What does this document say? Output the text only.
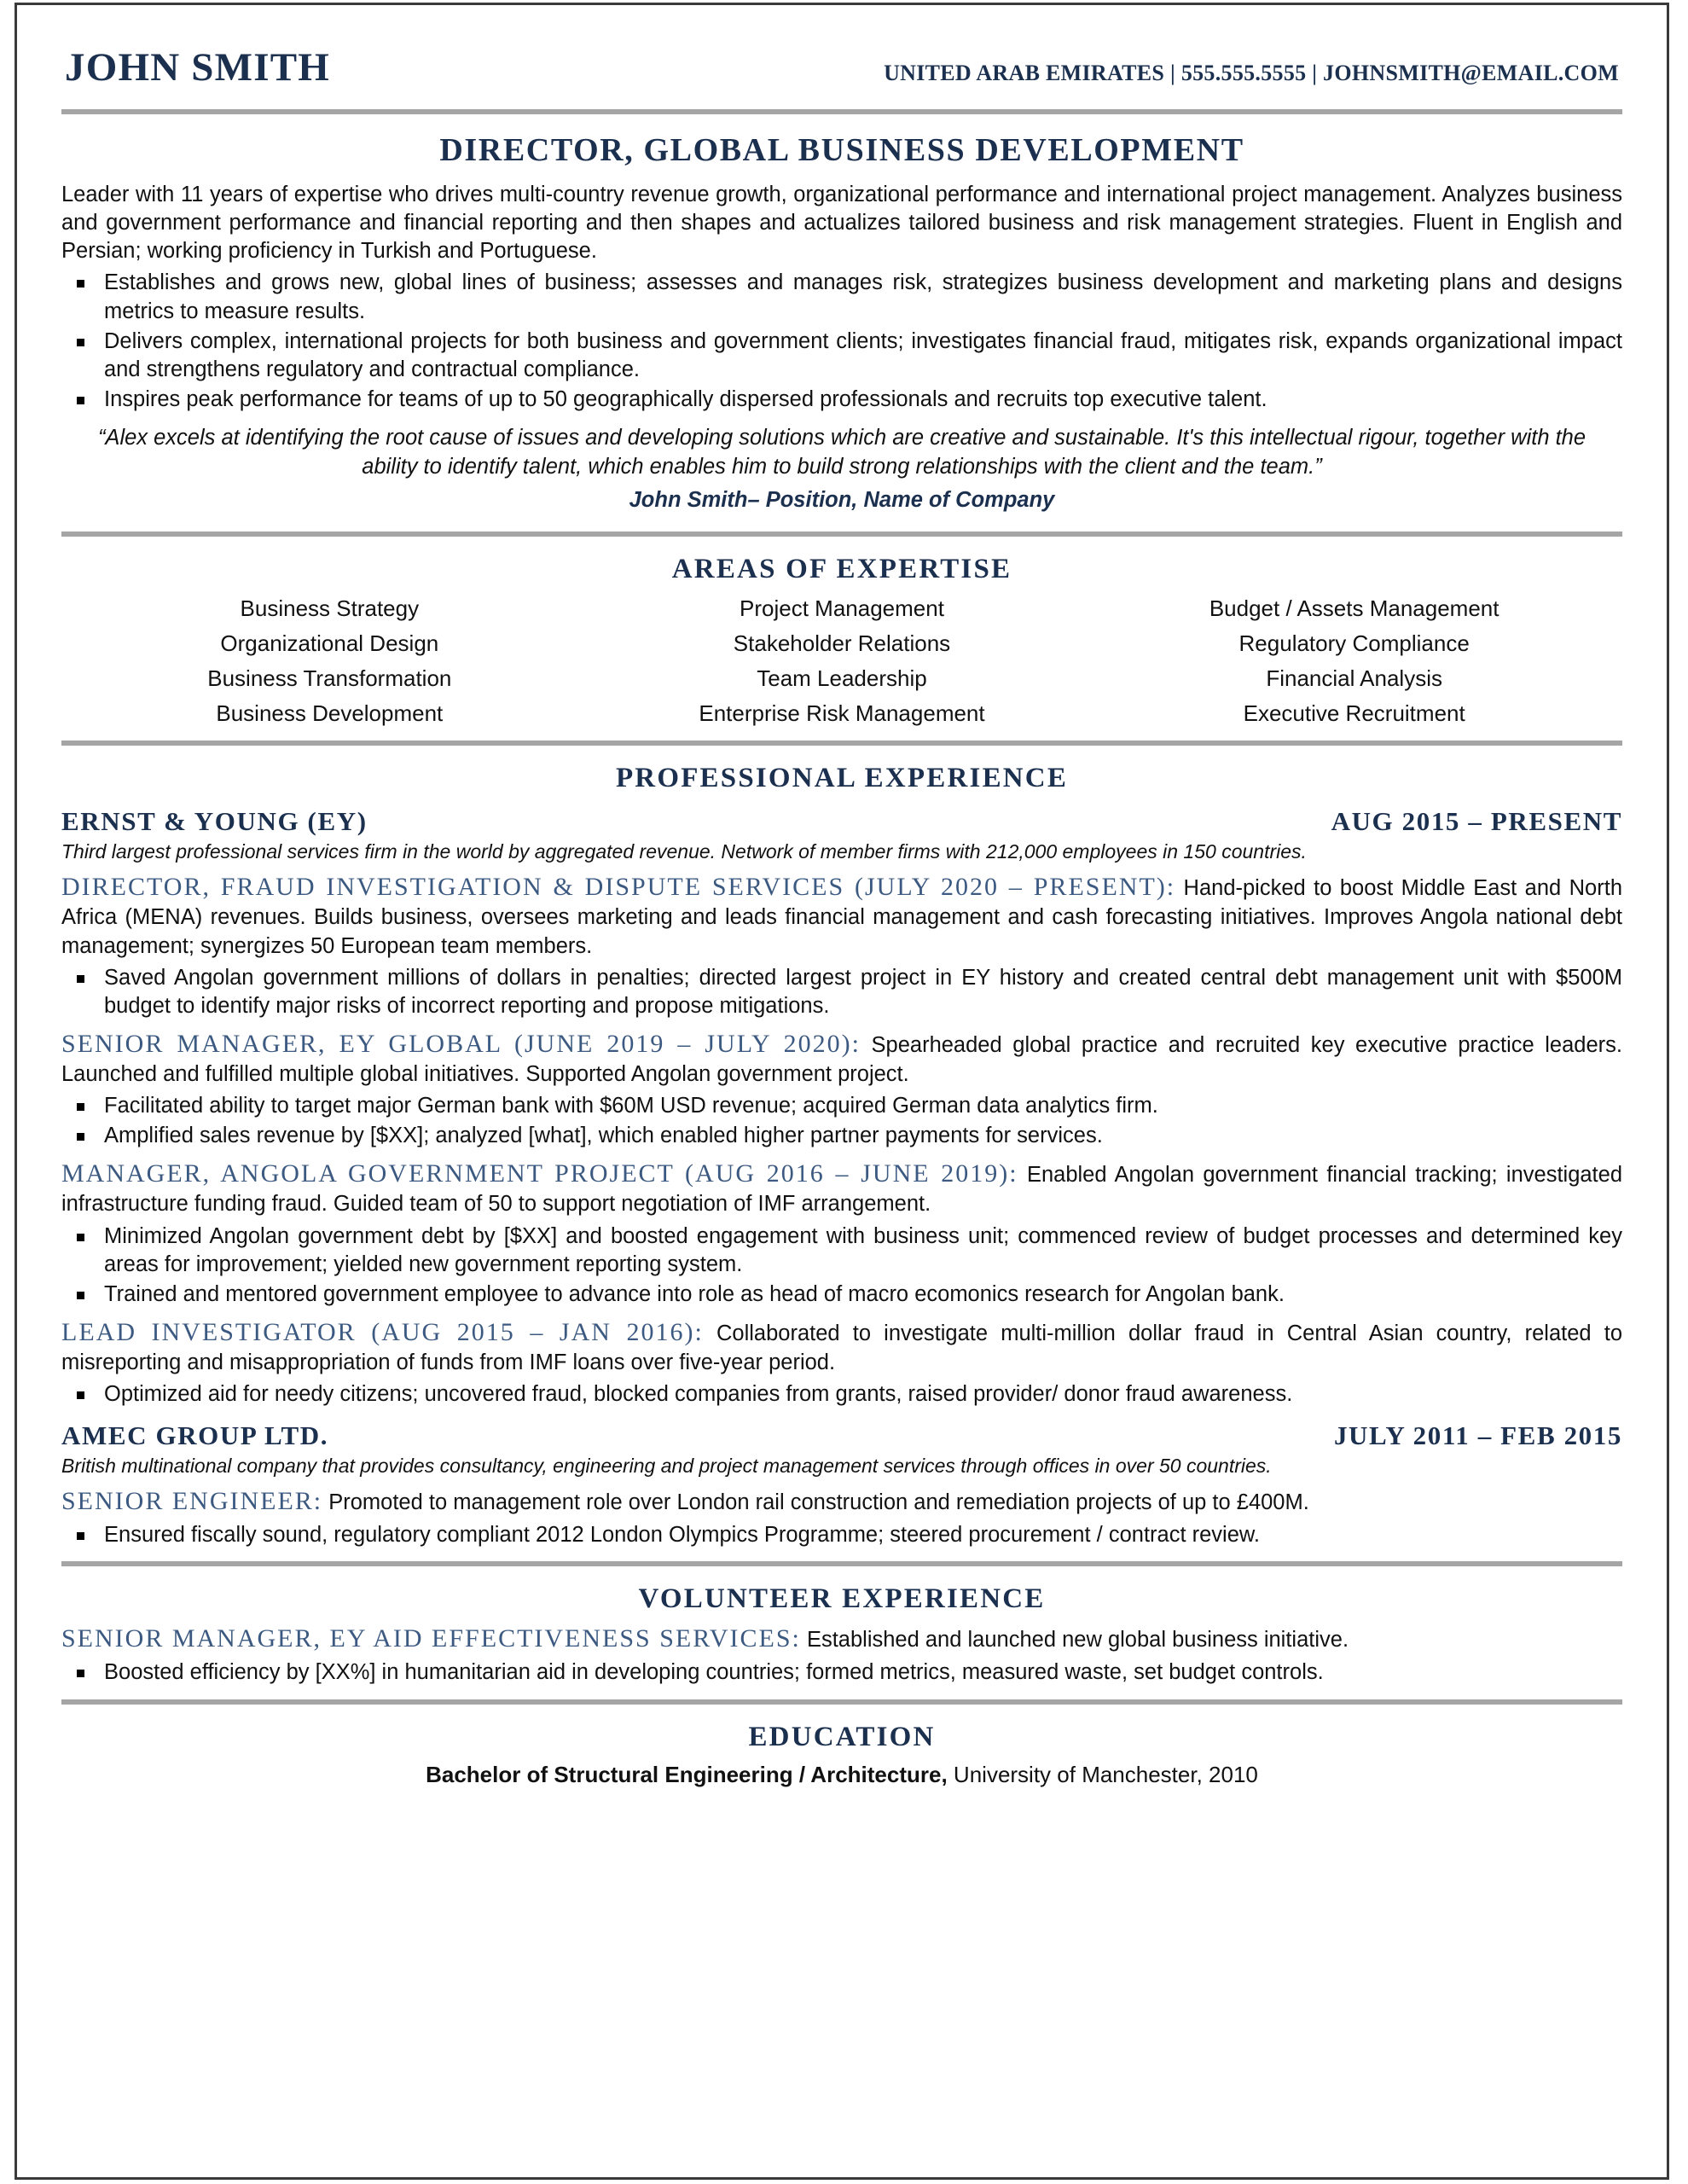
JOHN SMITH	UNITED ARAB EMIRATES | 555.555.5555 | JOHNSMITH@EMAIL.COM
DIRECTOR, GLOBAL BUSINESS DEVELOPMENT
Leader with 11 years of expertise who drives multi-country revenue growth, organizational performance and international project management. Analyzes business and government performance and financial reporting and then shapes and actualizes tailored business and risk management strategies. Fluent in English and Persian; working proficiency in Turkish and Portuguese.
Establishes and grows new, global lines of business; assesses and manages risk, strategizes business development and marketing plans and designs metrics to measure results.
Delivers complex, international projects for both business and government clients; investigates financial fraud, mitigates risk, expands organizational impact and strengthens regulatory and contractual compliance.
Inspires peak performance for teams of up to 50 geographically dispersed professionals and recruits top executive talent.
“Alex excels at identifying the root cause of issues and developing solutions which are creative and sustainable. It's this intellectual rigour, together with the ability to identify talent, which enables him to build strong relationships with the client and the team.”
John Smith– Position, Name of Company
AREAS OF EXPERTISE
Business Strategy	Project Management	Budget / Assets Management
Organizational Design	Stakeholder Relations	Regulatory Compliance
Business Transformation	Team Leadership	Financial Analysis
Business Development	Enterprise Risk Management	Executive Recruitment
PROFESSIONAL EXPERIENCE
ERNST & YOUNG (EY)	AUG 2015 – PRESENT
Third largest professional services firm in the world by aggregated revenue. Network of member firms with 212,000 employees in 150 countries.
DIRECTOR, FRAUD INVESTIGATION & DISPUTE SERVICES (JULY 2020 – PRESENT): Hand-picked to boost Middle East and North Africa (MENA) revenues. Builds business, oversees marketing and leads financial management and cash forecasting initiatives. Improves Angola national debt management; synergizes 50 European team members.
Saved Angolan government millions of dollars in penalties; directed largest project in EY history and created central debt management unit with $500M budget to identify major risks of incorrect reporting and propose mitigations.
SENIOR MANAGER, EY GLOBAL (JUNE 2019 – JULY 2020): Spearheaded global practice and recruited key executive practice leaders. Launched and fulfilled multiple global initiatives. Supported Angolan government project.
Facilitated ability to target major German bank with $60M USD revenue; acquired German data analytics firm.
Amplified sales revenue by [$XX]; analyzed [what], which enabled higher partner payments for services.
MANAGER, ANGOLA GOVERNMENT PROJECT (AUG 2016 – JUNE 2019): Enabled Angolan government financial tracking; investigated infrastructure funding fraud. Guided team of 50 to support negotiation of IMF arrangement.
Minimized Angolan government debt by [$XX] and boosted engagement with business unit; commenced review of budget processes and determined key areas for improvement; yielded new government reporting system.
Trained and mentored government employee to advance into role as head of macro ecomonics research for Angolan bank.
LEAD INVESTIGATOR (AUG 2015 – JAN 2016): Collaborated to investigate multi-million dollar fraud in Central Asian country, related to misreporting and misappropriation of funds from IMF loans over five-year period.
Optimized aid for needy citizens; uncovered fraud, blocked companies from grants, raised provider/ donor fraud awareness.
AMEC GROUP LTD.	JULY 2011 – FEB 2015
British multinational company that provides consultancy, engineering and project management services through offices in over 50 countries.
SENIOR ENGINEER: Promoted to management role over London rail construction and remediation projects of up to £400M.
Ensured fiscally sound, regulatory compliant 2012 London Olympics Programme; steered procurement / contract review.
VOLUNTEER EXPERIENCE
SENIOR MANAGER, EY AID EFFECTIVENESS SERVICES: Established and launched new global business initiative.
Boosted efficiency by [XX%] in humanitarian aid in developing countries; formed metrics, measured waste, set budget controls.
EDUCATION
Bachelor of Structural Engineering / Architecture, University of Manchester, 2010
